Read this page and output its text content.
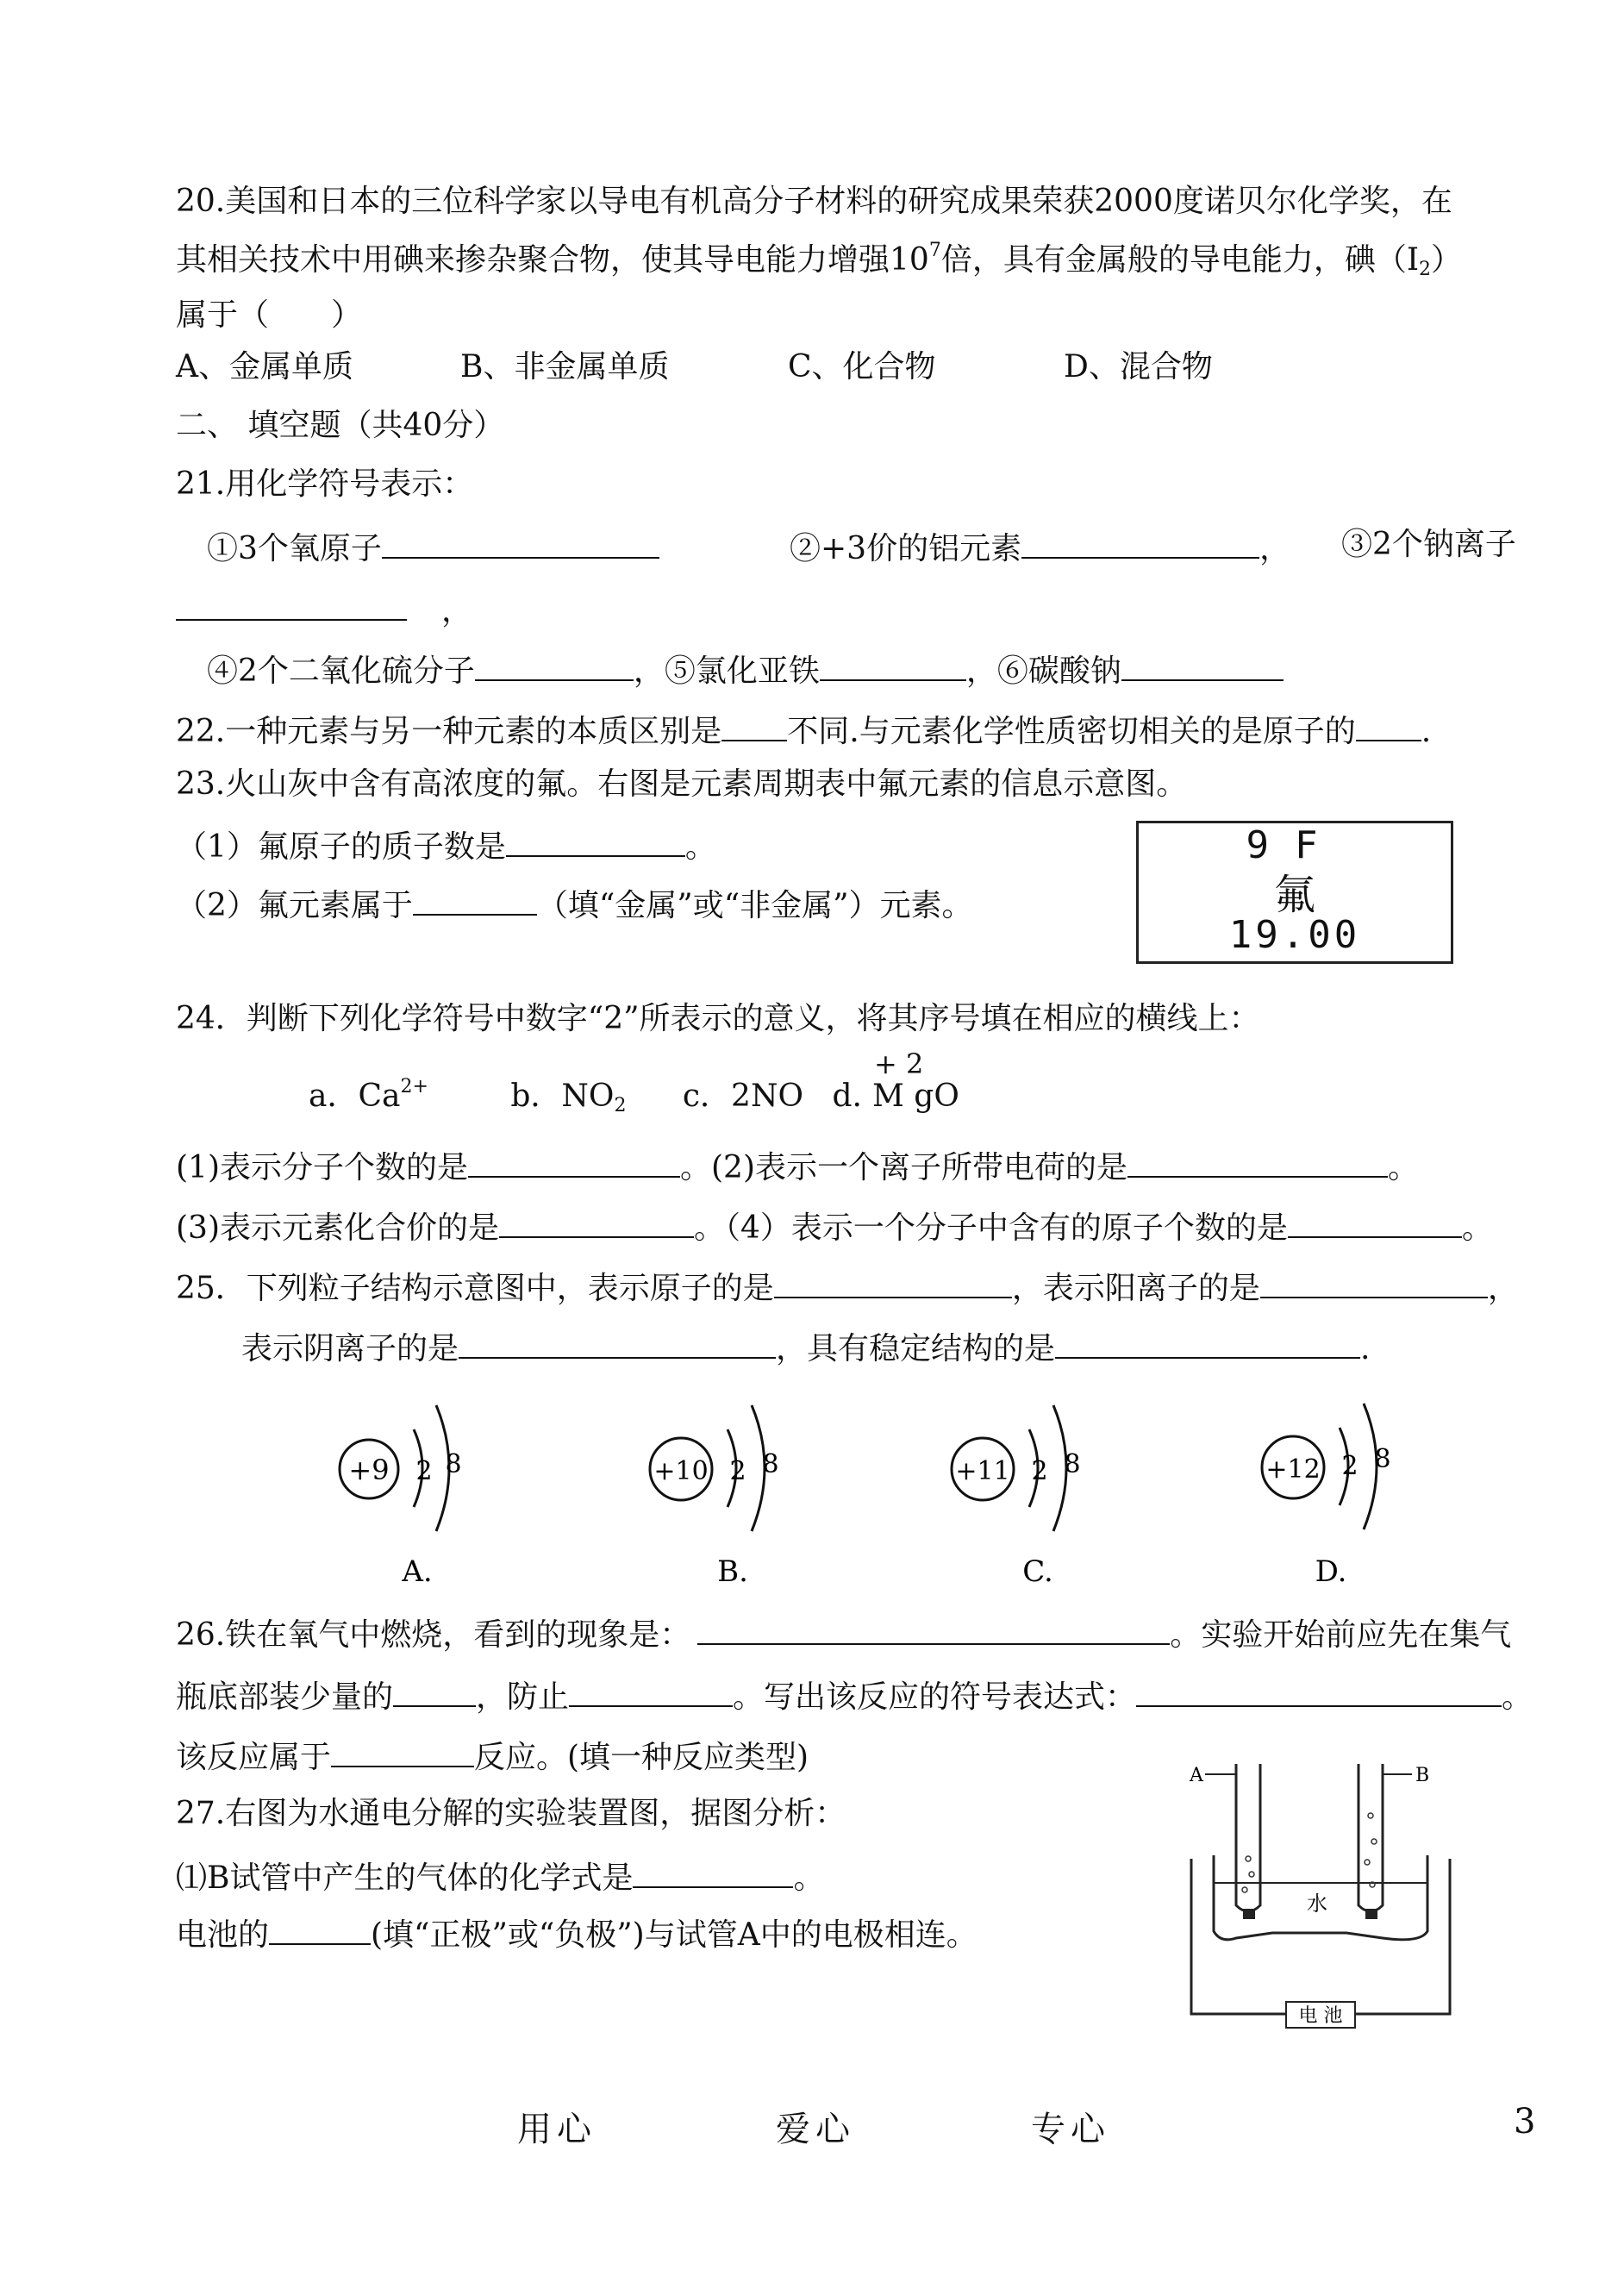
20.美国和日本的三位科学家以导电有机高分子材料的研究成果荣获2000度诺贝尔化学奖，在
其相关技术中用碘来掺杂聚合物，使其导电能力增强$10^7$倍，具有金属般的导电能力，碘$(I_2)$
属于（　　）
A、金属单质	B、非金属单质	C、化合物	D、混合物
二、 填空题（共40分）
21.用化学符号表示：
①3个氧原子	②+3价的铝元素	， ③2个钠离子
，
④2个二氧化硫分子	，⑤氯化亚铁	，⑥碳酸钠
22.一种元素与另一种元素的本质区别是 不同.与元素化学性质密切相关的是原子的 .
23.火山灰中含有高浓度的氟。右图是元素周期表中氟元素的信息示意图。
（1）氟原子的质子数是	。
（2）氟元素属于	（填“金属”或“非金属”）元素。
9F
氟
19.00
24．判断下列化学符号中数字“2”所表示的意义，将其序号填在相应的横线上：
a．$Ca^{2+}$	b．$NO_2$ c．2NO d.
+ 2
M gO
(1)表示分子个数的是	。(2)表示一个离子所带电荷的是	。
(3)表示元素化合价的是	。（4）表示一个分子中含有的原子个数的是	。
25．下列粒子结构示意图中，表示原子的是	，表示阳离子的是	，
表示阴离子的是	，具有稳定结构的是	.
+9 2 8
A.
+10 2 8
B.
+11 2 8
C.
+12 2 8
D.
26.铁在氧气中燃烧，看到的现象是：	。实验开始前应先在集气
瓶底部装少量的	，防止	。写出该反应的符号表达式：	。
该反应属于	反应。(填一种反应类型)
27.右图为水通电分解的实验装置图，据图分析：
⑴B试管中产生的气体的化学式是	。
电池的	(填“正极”或“负极”)与试管A中的电极相连。
A	B
水
电 池
用心	爱心	专心	3
